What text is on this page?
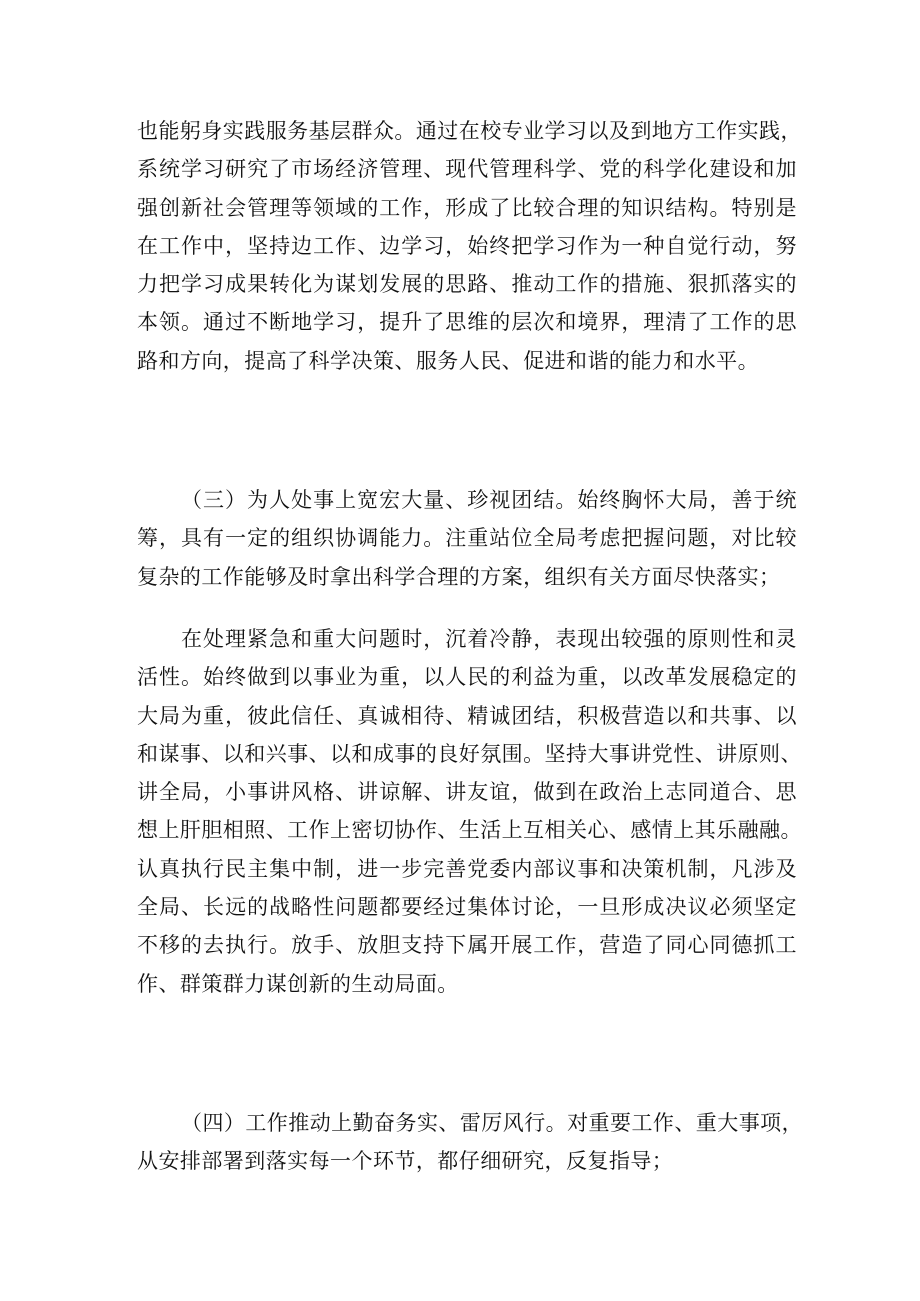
也能躬身实践服务基层群众。通过在校专业学习以及到地方工作实践，
系统学习研究了市场经济管理、现代管理科学、党的科学化建设和加
强创新社会管理等领域的工作，形成了比较合理的知识结构。特别是
在工作中，坚持边工作、边学习，始终把学习作为一种自觉行动，努
力把学习成果转化为谋划发展的思路、推动工作的措施、狠抓落实的
本领。通过不断地学习，提升了思维的层次和境界，理清了工作的思
路和方向，提高了科学决策、服务人民、促进和谐的能力和水平。
（三）为人处事上宽宏大量、珍视团结。始终胸怀大局，善于统
筹，具有一定的组织协调能力。注重站位全局考虑把握问题，对比较
复杂的工作能够及时拿出科学合理的方案，组织有关方面尽快落实；
在处理紧急和重大问题时，沉着冷静，表现出较强的原则性和灵
活性。始终做到以事业为重，以人民的利益为重，以改革发展稳定的
大局为重，彼此信任、真诚相待、精诚团结，积极营造以和共事、以
和谋事、以和兴事、以和成事的良好氛围。坚持大事讲党性、讲原则、
讲全局，小事讲风格、讲谅解、讲友谊，做到在政治上志同道合、思
想上肝胆相照、工作上密切协作、生活上互相关心、感情上其乐融融。
认真执行民主集中制，进一步完善党委内部议事和决策机制，凡涉及
全局、长远的战略性问题都要经过集体讨论，一旦形成决议必须坚定
不移的去执行。放手、放胆支持下属开展工作，营造了同心同德抓工
作、群策群力谋创新的生动局面。
（四）工作推动上勤奋务实、雷厉风行。对重要工作、重大事项，
从安排部署到落实每一个环节，都仔细研究，反复指导；
